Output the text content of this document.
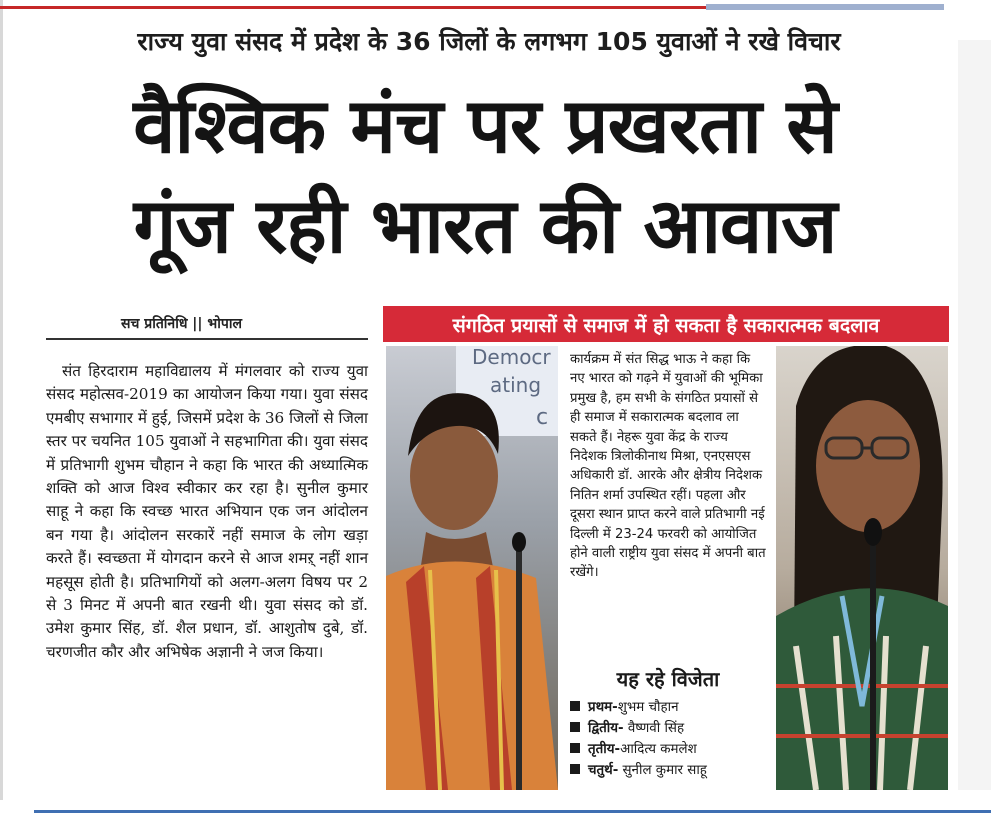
राज्य युवा संसद में प्रदेश के 36 जिलों के लगभग 105 युवाओं ने रखे विचार
वैश्विक मंच पर प्रखरता से
गूंज रही भारत की आवाज
सच प्रतिनिधि || भोपाल

संत हिरदाराम महाविद्यालय में मंगलवार को राज्य युवा संसद महोत्सव-2019 का आयोजन किया गया। युवा संसद एमबीए सभागार में हुई, जिसमें प्रदेश के 36 जिलों से जिला स्तर पर चयनित 105 युवाओं ने सहभागिता की। युवा संसद में प्रतिभागी शुभम चौहान ने कहा कि भारत की अध्यात्मिक शक्ति को आज विश्व स्वीकार कर रहा है। सुनील कुमार साहू ने कहा कि स्वच्छ भारत अभियान एक जन आंदोलन बन गया है। आंदोलन सरकारें नहीं समाज के लोग खड़ा करते हैं। स्वच्छता में योगदान करने से आज शमऱ् नहीं शान महसूस होती है। प्रतिभागियों को अलग-अलग विषय पर 2 से 3 मिनट में अपनी बात रखनी थी। युवा संसद को डॉ. उमेश कुमार सिंह, डॉ. शैल प्रधान, डॉ. आशुतोष दुबे, डॉ. चरणजीत कौर और अभिषेक अज्ञानी ने जज किया।

संगठित प्रयासों से समाज में हो सकता है सकारात्मक बदलाव
Democr
ating
c
कार्यक्रम में संत सिद्ध भाऊ ने कहा कि नए भारत को गढ़ने में युवाओं की भूमिका प्रमुख है, हम सभी के संगठित प्रयासों से ही समाज में सकारात्मक बदलाव ला सकते हैं। नेहरू युवा केंद्र के राज्य निदेशक त्रिलोकीनाथ मिश्रा, एनएसएस अधिकारी डॉ. आरके और क्षेत्रीय निदेशक नितिन शर्मा उपस्थित रहीं। पहला और दूसरा स्थान प्राप्त करने वाले प्रतिभागी नई दिल्ली में 23-24 फरवरी को आयोजित होने वाली राष्ट्रीय युवा संसद में अपनी बात रखेंगे।
यह रहे विजेता
प्रथम-शुभम चौहान
द्वितीय- वैष्णवी सिंह
तृतीय-आदित्य कमलेश
चतुर्थ- सुनील कुमार साहू
